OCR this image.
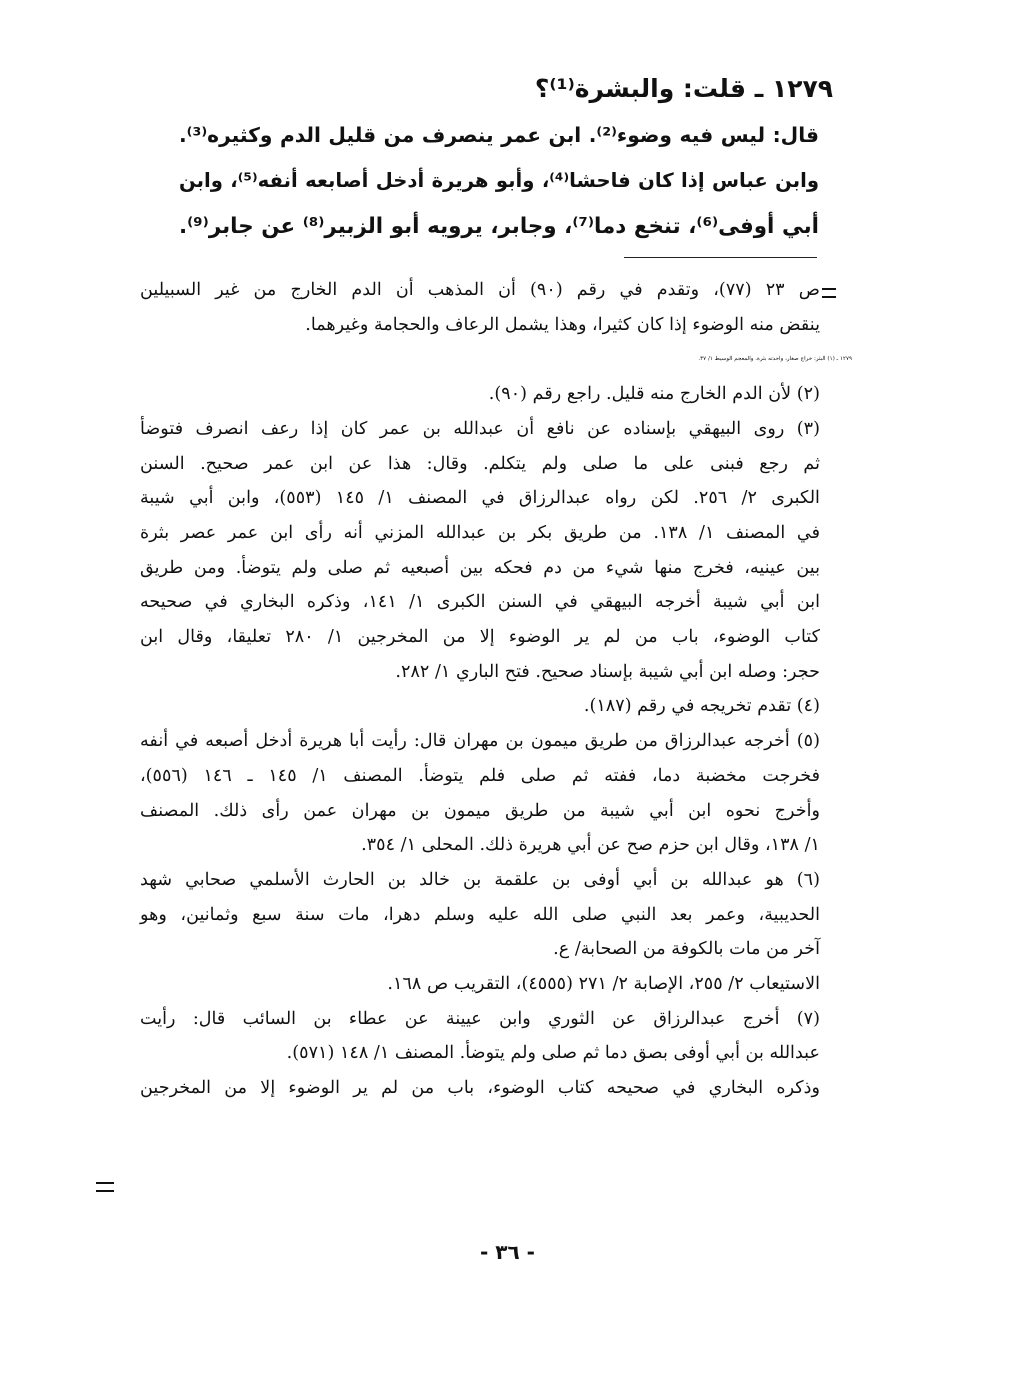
١٢٧٩ ـ قلت: والبشرة⁽¹⁾؟
قال: ليس فيه وضوء⁽²⁾. ابن عمر ينصرف من قليل الدم وكثيره⁽³⁾.
وابن عباس إذا كان فاحشا⁽⁴⁾، وأبو هريرة أدخل أصابعه أنفه⁽⁵⁾، وابن
أبي أوفى⁽⁶⁾، تنخع دما⁽⁷⁾، وجابر، يرويه أبو الزبير⁽⁸⁾ عن جابر⁽⁹⁾.
ص ٢٣ (٧٧)، وتقدم في رقم (٩٠) أن المذهب أن الدم الخارج من غير السبيلين
ينقض منه الوضوء إذا كان كثيرا، وهذا يشمل الرعاف والحجامة وغيرهما.
١٢٧٩ ـ (١) البثر: خراج صغار، واحدته بثرة. والمعجم الوسيط ١/ ٣٧.
(٢) لأن الدم الخارج منه قليل. راجع رقم (٩٠).
(٣) روى البيهقي بإسناده عن نافع أن عبدالله بن عمر كان إذا رعف انصرف فتوضأ
ثم رجع فبنى على ما صلى ولم يتكلم. وقال: هذا عن ابن عمر صحيح. السنن
الكبرى ٢/ ٢٥٦. لكن رواه عبدالرزاق في المصنف ١/ ١٤٥ (٥٥٣)، وابن أبي شيبة
في المصنف ١/ ١٣٨. من طريق بكر بن عبدالله المزني أنه رأى ابن عمر عصر بثرة
بين عينيه، فخرج منها شيء من دم فحكه بين أصبعيه ثم صلى ولم يتوضأ. ومن طريق
ابن أبي شيبة أخرجه البيهقي في السنن الكبرى ١/ ١٤١، وذكره البخاري في صحيحه
كتاب الوضوء، باب من لم ير الوضوء إلا من المخرجين ١/ ٢٨٠ تعليقا، وقال ابن
حجر: وصله ابن أبي شيبة بإسناد صحيح. فتح الباري ١/ ٢٨٢.
(٤) تقدم تخريجه في رقم (١٨٧).
(٥) أخرجه عبدالرزاق من طريق ميمون بن مهران قال: رأيت أبا هريرة أدخل أصبعه في أنفه
فخرجت مخضبة دما، ففته ثم صلى فلم يتوضأ. المصنف ١/ ١٤٥ ـ ١٤٦ (٥٥٦)،
وأخرج نحوه ابن أبي شيبة من طريق ميمون بن مهران عمن رأى ذلك. المصنف
١/ ١٣٨، وقال ابن حزم صح عن أبي هريرة ذلك. المحلى ١/ ٣٥٤.
(٦) هو عبدالله بن أبي أوفى بن علقمة بن خالد بن الحارث الأسلمي صحابي شهد
الحديبية، وعمر بعد النبي صلى الله عليه وسلم دهرا، مات سنة سبع وثمانين، وهو
آخر من مات بالكوفة من الصحابة/ ع.
الاستيعاب ٢/ ٢٥٥، الإصابة ٢/ ٢٧١ (٤٥٥٥)، التقريب ص ١٦٨.
(٧) أخرج عبدالرزاق عن الثوري وابن عيينة عن عطاء بن السائب قال: رأيت
عبدالله بن أبي أوفى بصق دما ثم صلى ولم يتوضأ. المصنف ١/ ١٤٨ (٥٧١).
وذكره البخاري في صحيحه كتاب الوضوء، باب من لم ير الوضوء إلا من المخرجين
- ٣٦ -
